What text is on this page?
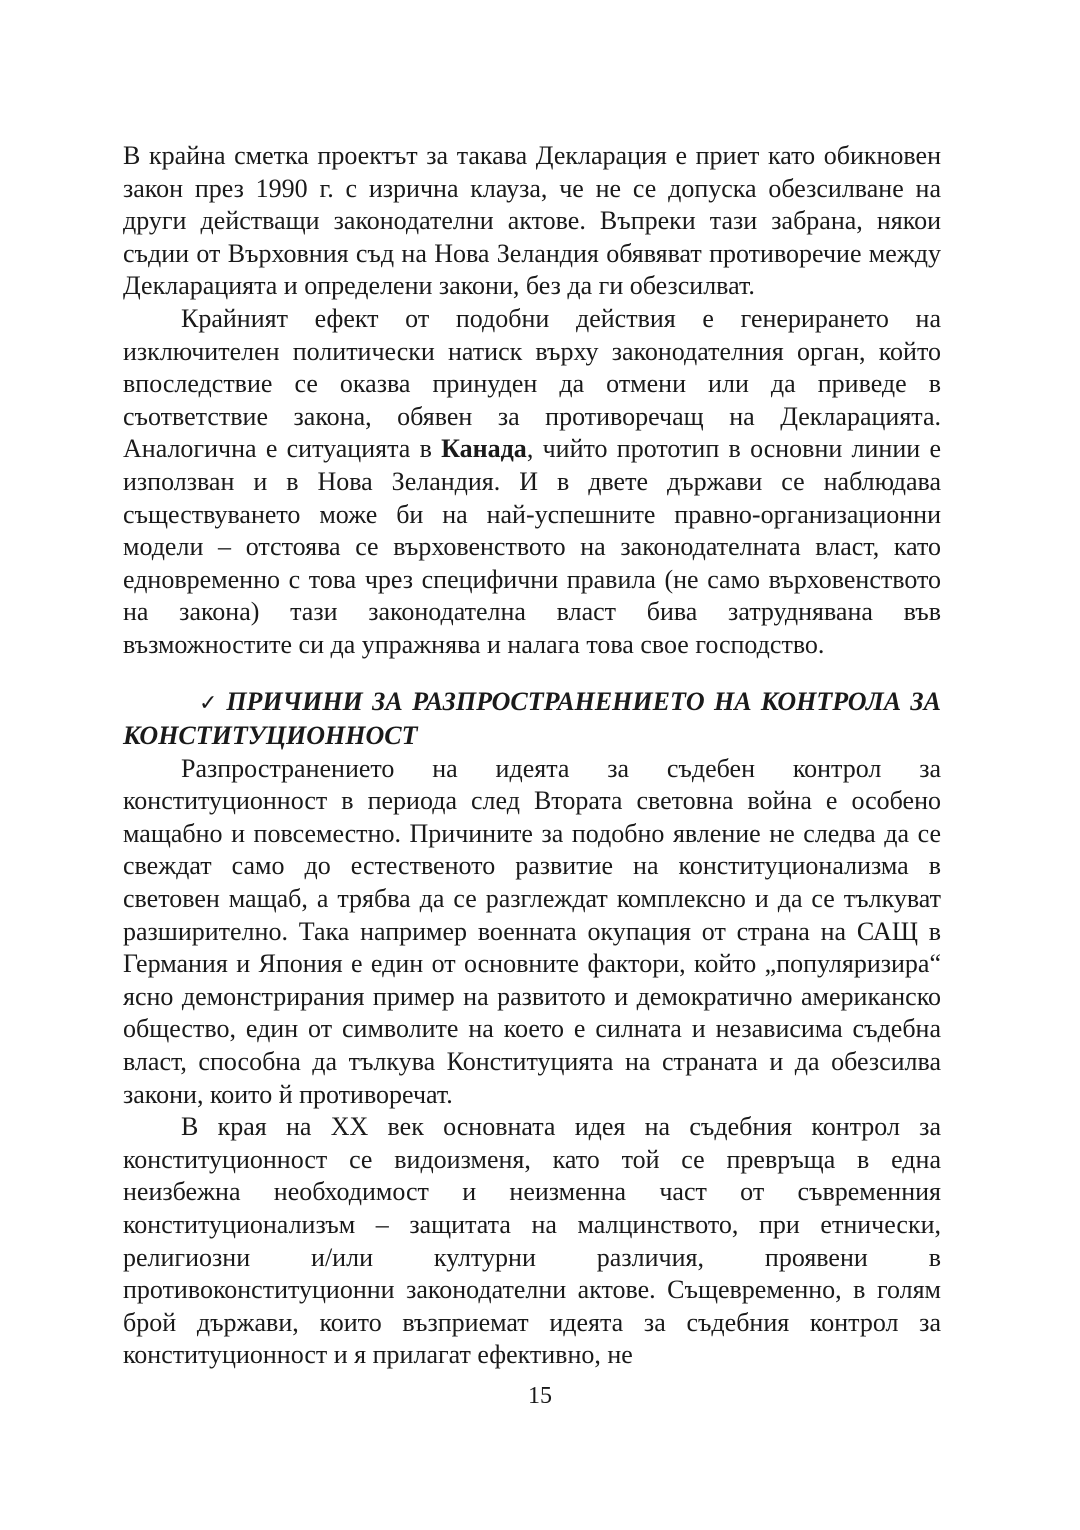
В крайна сметка проектът за такава Декларация е приет като обикновен закон през 1990 г. с изрична клауза, че не се допуска обезсилване на други действащи законодателни актове. Въпреки тази забрана, някои съдии от Върховния съд на Нова Зеландия обявяват противоречие между Декларацията и определени закони, без да ги обезсилват.

Крайният ефект от подобни действия е генерирането на изключителен политически натиск върху законодателния орган, който впоследствие се оказва принуден да отмени или да приведе в съответствие закона, обявен за противоречащ на Декларацията. Аналогична е ситуацията в Канада, чийто прототип в основни линии е използван и в Нова Зеландия. И в двете държави се наблюдава съществуването може би на най-успешните правно-организационни модели – отстоява се върховенството на законодателната власт, като едновременно с това чрез специфични правила (не само върховенството на закона) тази законодателна власт бива затруднявана във възможностите си да упражнява и налага това свое господство.

✓ ПРИЧИНИ ЗА РАЗПРОСТРАНЕНИЕТО НА КОНТРОЛА ЗА КОНСТИТУЦИОННОСТ

Разпространението на идеята за съдебен контрол за конституционност в периода след Втората световна война е особено мащабно и повсеместно. Причините за подобно явление не следва да се свеждат само до естественото развитие на конституционализма в световен мащаб, а трябва да се разглеждат комплексно и да се тълкуват разширително. Така например военната окупация от страна на САЩ в Германия и Япония е един от основните фактори, който „популяризира“ ясно демонстрирания пример на развитото и демократично американско общество, един от символите на което е силната и независима съдебна власт, способна да тълкува Конституцията на страната и да обезсилва закони, които й противоречат.

В края на XX век основната идея на съдебния контрол за конституционност се видоизменя, като той се превръща в една неизбежна необходимост и неизменна част от съвременния конституционализъм – защитата на малцинството, при етнически, религиозни и/или културни различия, проявени в противоконституционни законодателни актове. Същевременно, в голям брой държави, които възприемат идеята за съдебния контрол за конституционност и я прилагат ефективно, не

15
